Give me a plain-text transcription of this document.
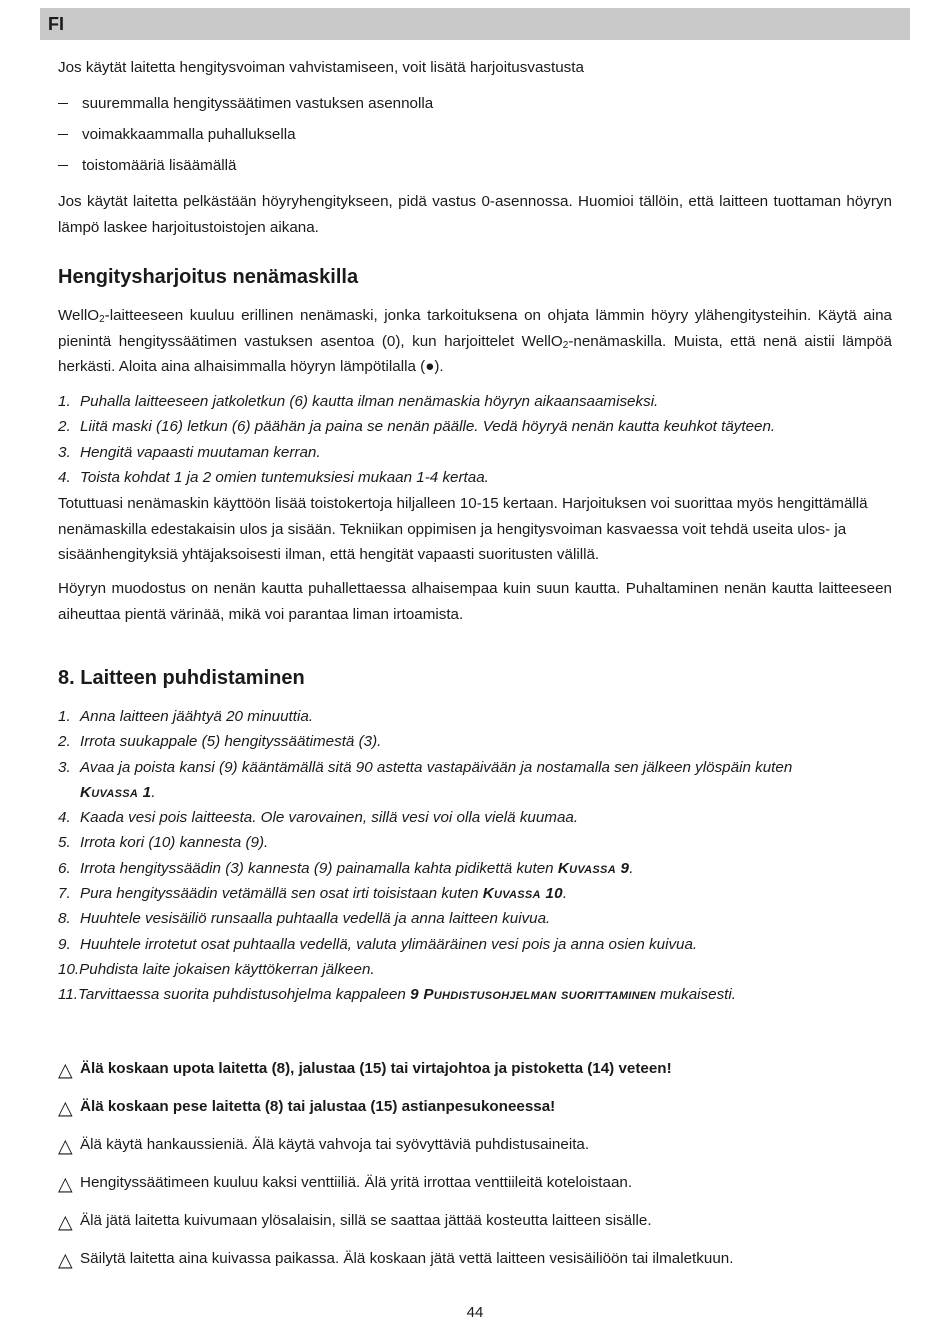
FI

Jos käytät laitetta hengitysvoiman vahvistamiseen, voit lisätä harjoitusvastusta

suuremmalla hengityssäätimen vastuksen asennolla
voimakkaammalla puhalluksella
toistomääriä lisäämällä

Jos käytät laitetta pelkästään höyryhengitykseen, pidä vastus 0-asennossa. Huomioi tällöin, että laitteen tuottaman höyryn lämpö laskee harjoitustoistojen aikana.

Hengitysharjoitus nenämaskilla

WellO$_2$-laitteeseen kuuluu erillinen nenämaski, jonka tarkoituksena on ohjata lämmin höyry ylähengitysteihin. Käytä aina pienintä hengityssäätimen vastuksen asentoa (0), kun harjoittelet WellO$_2$-nenämaskilla. Muista, että nenä aistii lämpöä herkästi. Aloita aina alhaisimmalla höyryn lämpötilalla (●).

1. Puhalla laitteeseen jatkoletkun (6) kautta ilman nenämaskia höyryn aikaansaamiseksi.
2. Liitä maski (16) letkun (6) päähän ja paina se nenän päälle. Vedä höyryä nenän kautta keuhkot täyteen.
3. Hengitä vapaasti muutaman kerran.
4. Toista kohdat 1 ja 2 omien tuntemuksiesi mukaan 1-4 kertaa.

Totuttuasi nenämaskin käyttöön lisää toistokertoja hiljalleen 10-15 kertaan. Harjoituksen voi suorittaa myös hengittämällä nenämaskilla edestakaisin ulos ja sisään. Tekniikan oppimisen ja hengitysvoiman kasvaessa voit tehdä useita ulos- ja sisäänhengityksiä yhtäjaksoisesti ilman, että hengität vapaasti suoritusten välillä.

Höyryn muodostus on nenän kautta puhallettaessa alhaisempaa kuin suun kautta. Puhaltaminen nenän kautta laitteeseen aiheuttaa pientä värinää, mikä voi parantaa liman irtoamista.

8. Laitteen puhdistaminen
1. Anna laitteen jäähtyä 20 minuuttia.
2. Irrota suukappale (5) hengityssäätimestä (3).
3. Avaa ja poista kansi (9) kääntämällä sitä 90 astetta vastapäivään ja nostamalla sen jälkeen ylöspäin kuten
Kuvassa 1.
4. Kaada vesi pois laitteesta. Ole varovainen, sillä vesi voi olla vielä kuumaa.
5. Irrota kori (10) kannesta (9).
6. Irrota hengityssäädin (3) kannesta (9) painamalla kahta pidikettä kuten Kuvassa 9.
7. Pura hengityssäädin vetämällä sen osat irti toisistaan kuten Kuvassa 10.
8. Huuhtele vesisäiliö runsaalla puhtaalla vedellä ja anna laitteen kuivua.
9. Huuhtele irrotetut osat puhtaalla vedellä, valuta ylimääräinen vesi pois ja anna osien kuivua.
10.Puhdista laite jokaisen käyttökerran jälkeen.
11.Tarvittaessa suorita puhdistusohjelma kappaleen 9 Puhdistusohjelman suorittaminen mukaisesti.
△ Älä koskaan upota laitetta (8), jalustaa (15) tai virtajohtoa ja pistoketta (14) veteen!
△ Älä koskaan pese laitetta (8) tai jalustaa (15) astianpesukoneessa!
△ Älä käytä hankaussieniä. Älä käytä vahvoja tai syövyttäviä puhdistusaineita.
△ Hengityssäätimeen kuuluu kaksi venttiiliä. Älä yritä irrottaa venttiileitä koteloistaan.
△ Älä jätä laitetta kuivumaan ylösalaisin, sillä se saattaa jättää kosteutta laitteen sisälle.
△ Säilytä laitetta aina kuivassa paikassa. Älä koskaan jätä vettä laitteen vesisäiliöön tai ilmaletkuun.
44
